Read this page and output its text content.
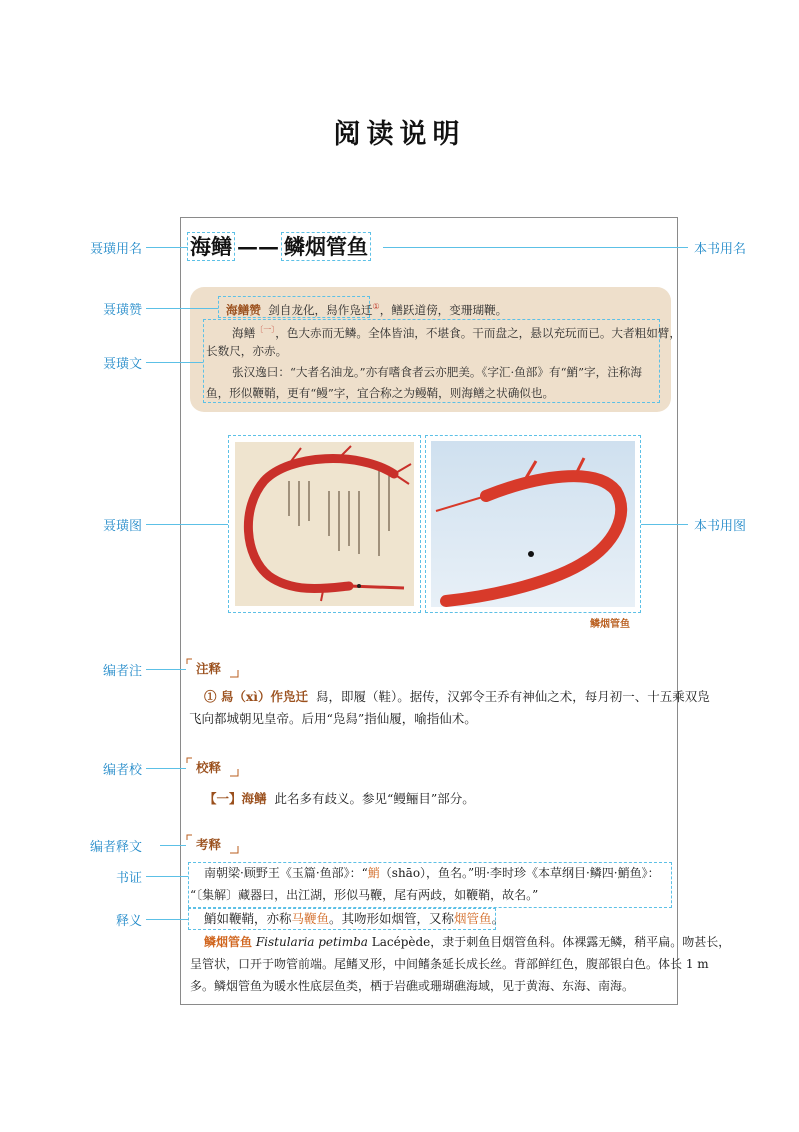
阅读说明
海鳝 —— 鳞烟管鱼
海鳝赞 剑自龙化，舄作凫迁①，鳝跃道傍，变珊瑚鞭。
海鳝$^{〔一〕}$，色大赤而无鳞。全体皆油，不堪食。干而盘之，悬以充玩而已。大者粗如臂，
长数尺，亦赤。
张汉逸曰：“大者名油龙。”亦有嗜食者云亦肥美。《字汇·鱼部》有“鮹”字，注称海
鱼，形似鞭鞘，更有“鳗”字，宜合称之为鳗鞘，则海鳝之状确似也。
鳞烟管鱼
注释
① 舄（xì）作凫迁 舄，即履（鞋）。据传，汉郭令王乔有神仙之术，每月初一、十五乘双凫
飞向都城朝见皇帝。后用“凫舄”指仙履，喻指仙术。
校释
【一】海鳝 此名多有歧义。参见“鳗鲡目”部分。
考释
南朝梁·顾野王《玉篇·鱼部》：“鮹（shāo），鱼名。”明·李时珍《本草纲目·鳞四·鮹鱼》：
“〔集解〕藏器曰，出江湖，形似马鞭，尾有两歧，如鞭鞘，故名。”
鮹如鞭鞘，亦称马鞭鱼。其吻形如烟管，又称烟管鱼。
鳞烟管鱼 Fistularia petimba Lacépède，隶于刺鱼目烟管鱼科。体裸露无鳞，稍平扁。吻甚长，
呈管状，口开于吻管前端。尾鳍叉形，中间鳍条延长成长丝。背部鲜红色，腹部银白色。体长 1 m
多。鳞烟管鱼为暖水性底层鱼类，栖于岩礁或珊瑚礁海域，见于黄海、东海、南海。
聂璜用名
聂璜赞
聂璜文
聂璜图
编者注
编者校
编者释文
书证
释义
本书用名
本书用图
